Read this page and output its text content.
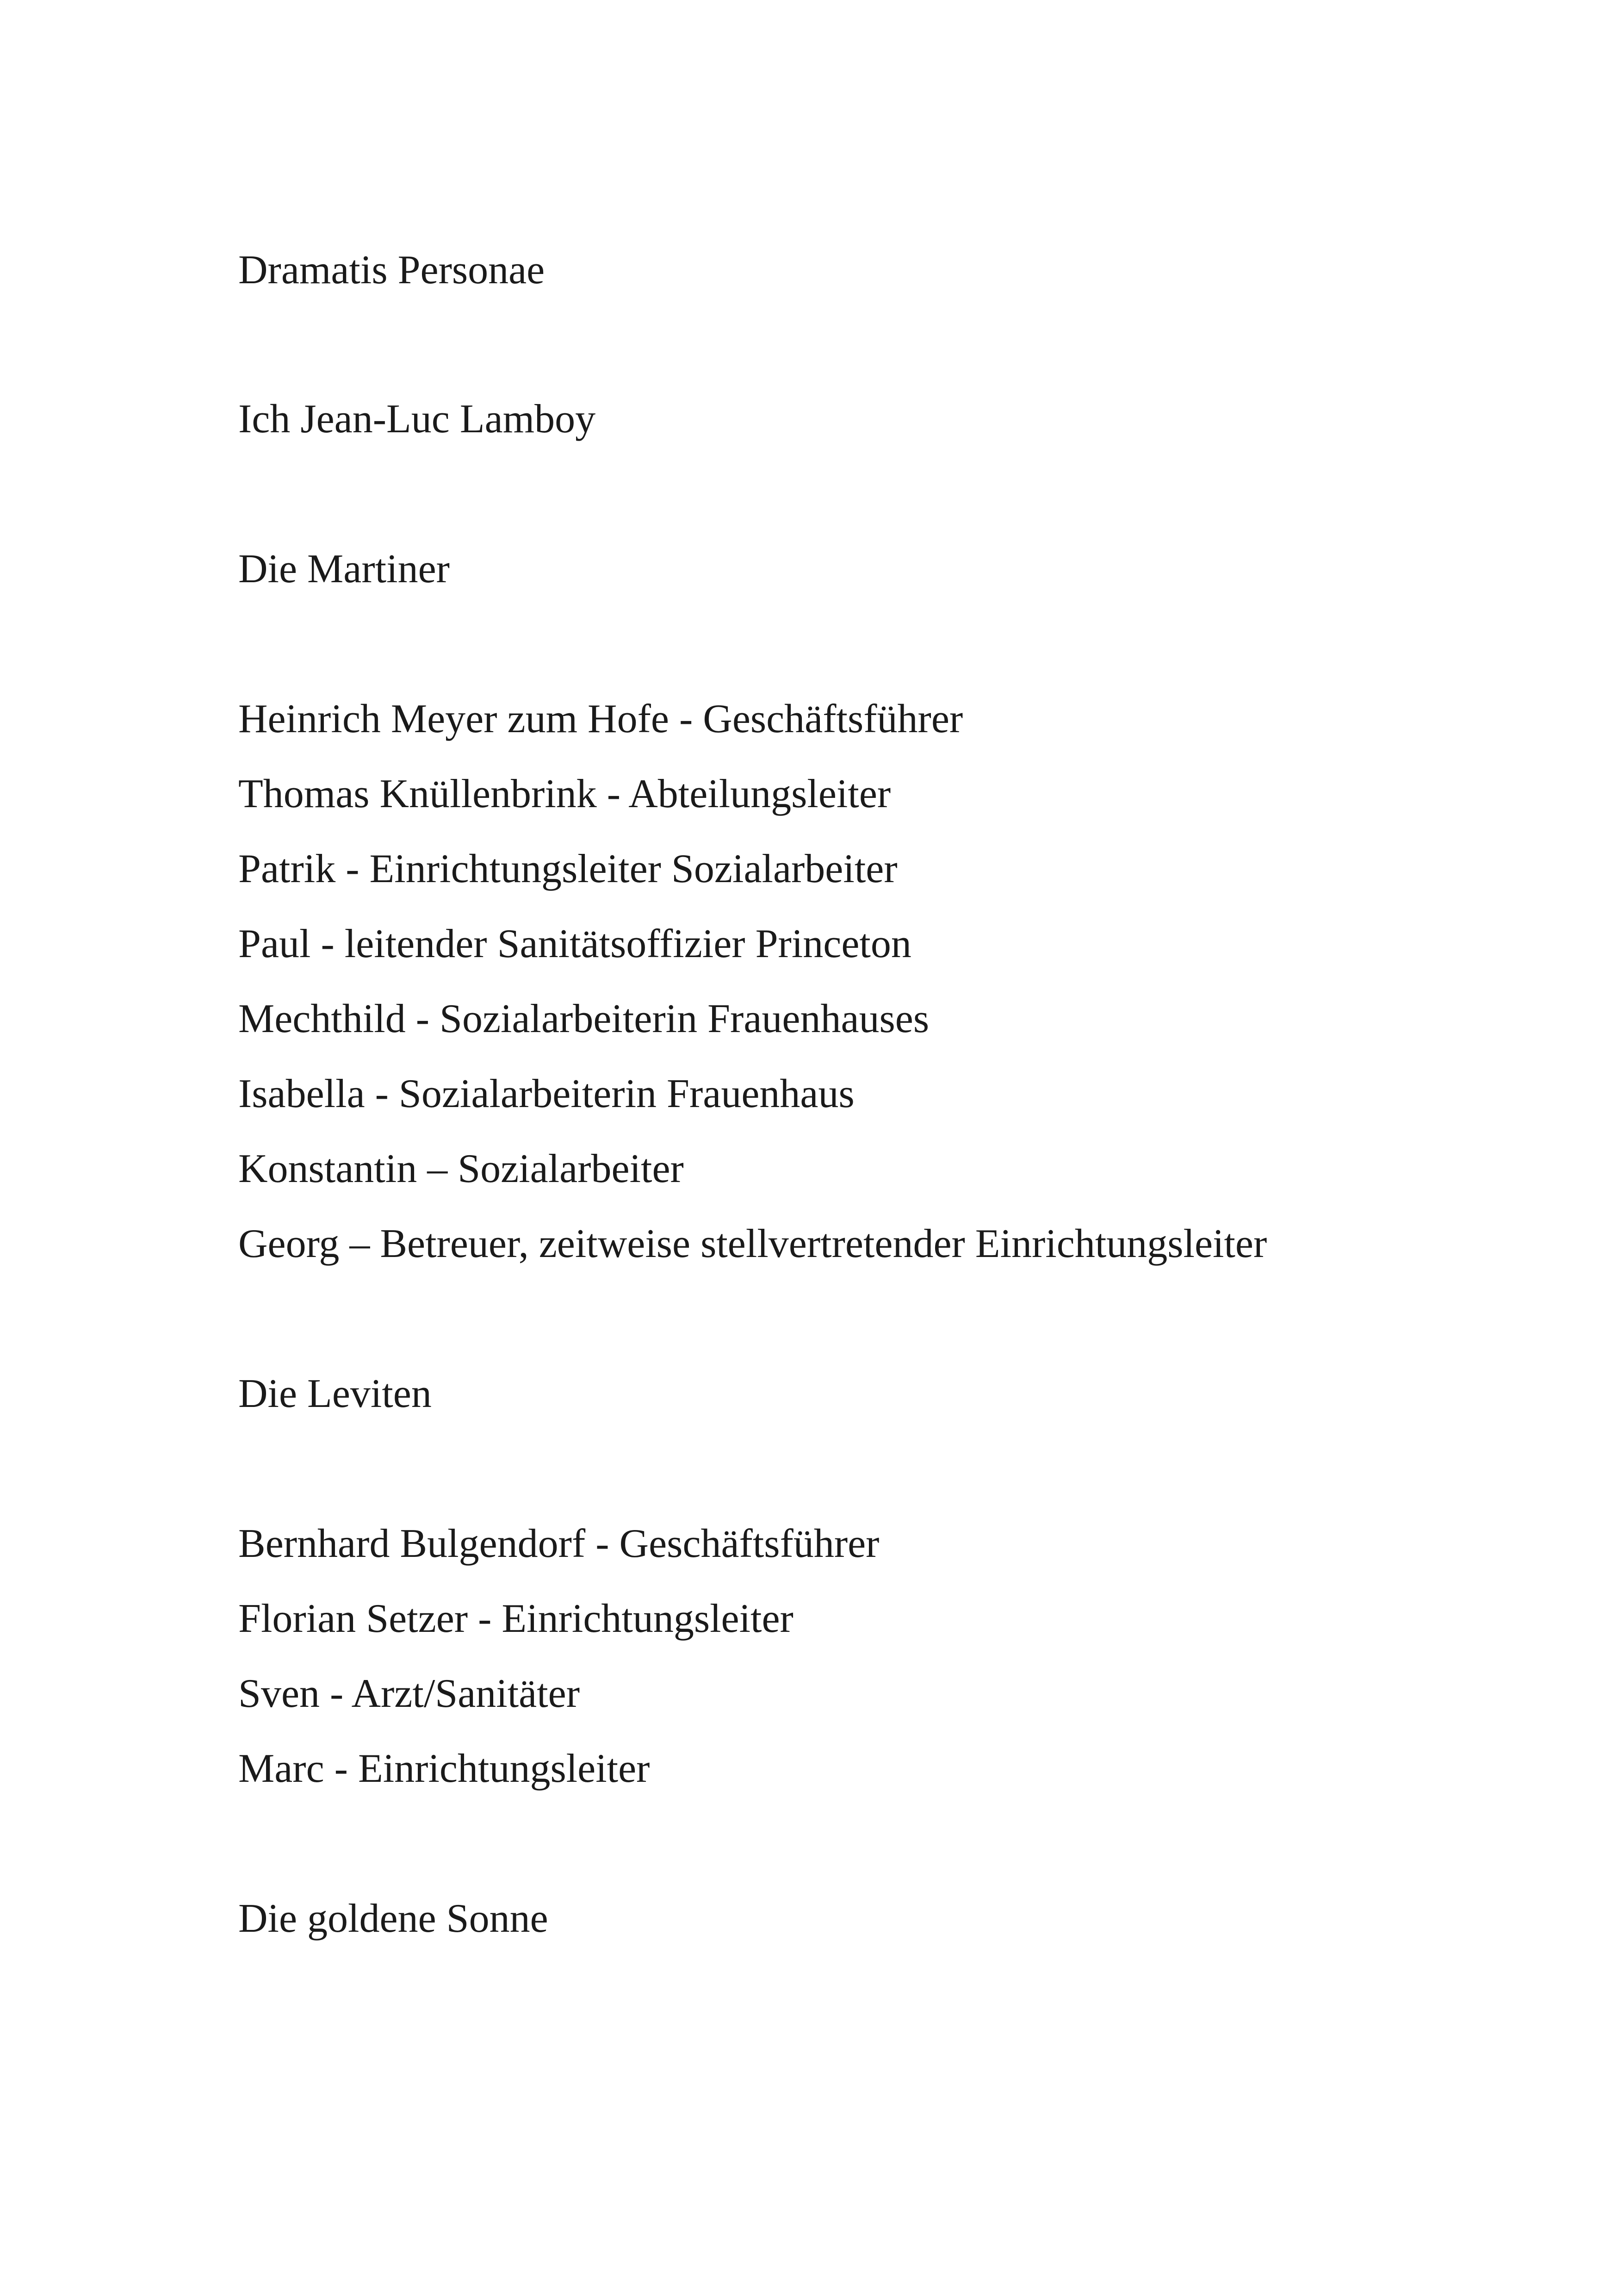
Dramatis Personae

Ich Jean-Luc Lamboy

Die Martiner

Heinrich Meyer zum Hofe - Geschäftsführer

Thomas Knüllenbrink - Abteilungsleiter

Patrik - Einrichtungsleiter Sozialarbeiter

Paul - leitender Sanitätsoffizier Princeton

Mechthild - Sozialarbeiterin Frauenhauses

Isabella - Sozialarbeiterin Frauenhaus

Konstantin – Sozialarbeiter

Georg – Betreuer, zeitweise stellvertretender Einrichtungsleiter

Die Leviten

Bernhard Bulgendorf - Geschäftsführer

Florian Setzer - Einrichtungsleiter

Sven - Arzt/Sanitäter

Marc - Einrichtungsleiter

Die goldene Sonne
